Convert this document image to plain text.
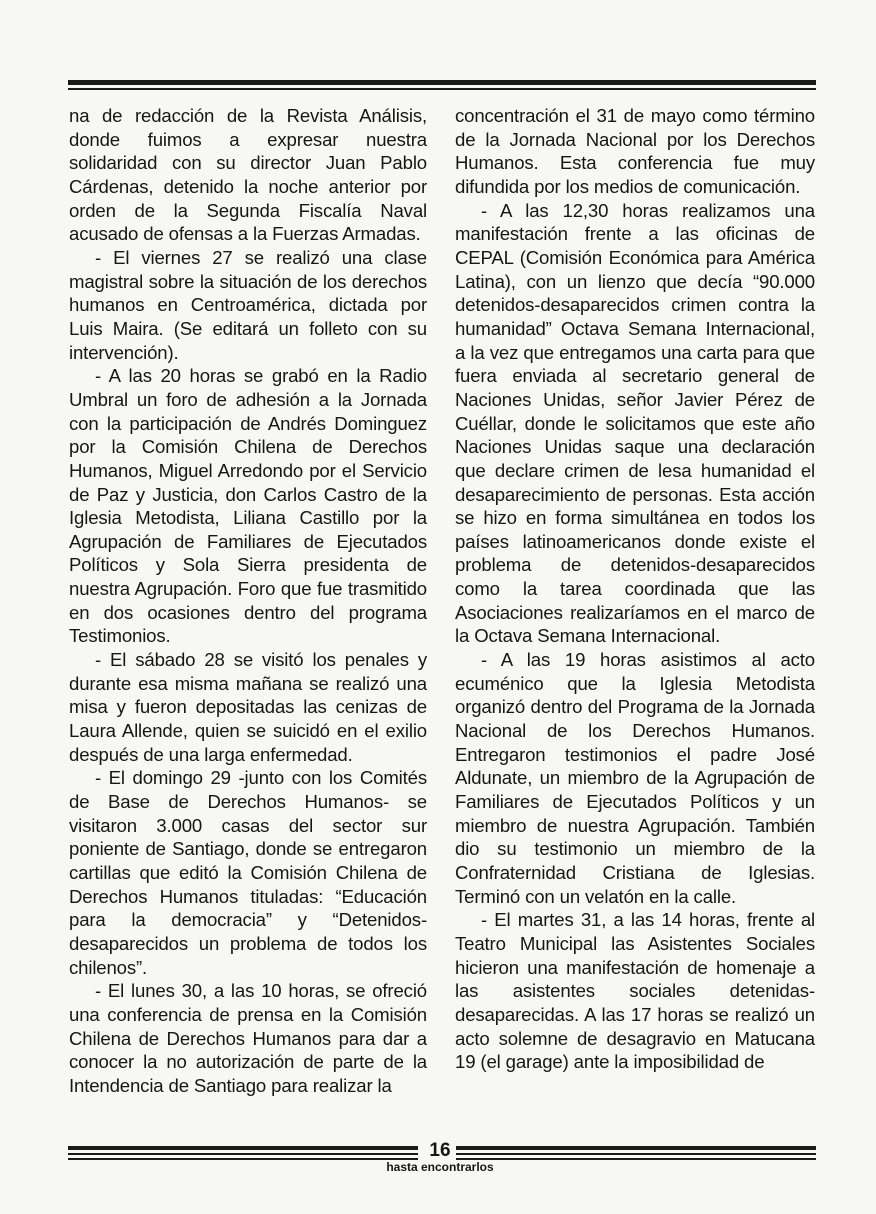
na de redacción de la Revista Análisis, donde fuimos a expresar nuestra solidaridad con su director Juan Pablo Cárdenas, detenido la noche anterior por orden de la Segunda Fiscalía Naval acusado de ofensas a la Fuerzas Armadas.

- El viernes 27 se realizó una clase magistral sobre la situación de los derechos humanos en Centroamérica, dictada por Luis Maira. (Se editará un folleto con su intervención).

- A las 20 horas se grabó en la Radio Umbral un foro de adhesión a la Jornada con la participación de Andrés Dominguez por la Comisión Chilena de Derechos Humanos, Miguel Arredondo por el Servicio de Paz y Justicia, don Carlos Castro de la Iglesia Metodista, Liliana Castillo por la Agrupación de Familiares de Ejecutados Políticos y Sola Sierra presidenta de nuestra Agrupación. Foro que fue trasmitido en dos ocasiones dentro del programa Testimonios.

- El sábado 28 se visitó los penales y durante esa misma mañana se realizó una misa y fueron depositadas las cenizas de Laura Allende, quien se suicidó en el exilio después de una larga enfermedad.

- El domingo 29 -junto con los Comités de Base de Derechos Humanos- se visitaron 3.000 casas del sector sur poniente de Santiago, donde se entregaron cartillas que editó la Comisión Chilena de Derechos Humanos tituladas: “Educación para la democracia” y “Detenidos-desaparecidos un problema de todos los chilenos”.

- El lunes 30, a las 10 horas, se ofreció una conferencia de prensa en la Comisión Chilena de Derechos Humanos para dar a conocer la no autorización de parte de la Intendencia de Santiago para realizar la

concentración el 31 de mayo como término de la Jornada Nacional por los Derechos Humanos. Esta conferencia fue muy difundida por los medios de comunicación.

- A las 12,30 horas realizamos una manifestación frente a las oficinas de CEPAL (Comisión Económica para América Latina), con un lienzo que decía “90.000 detenidos-desaparecidos crimen contra la humanidad” Octava Semana Internacional, a la vez que entregamos una carta para que fuera enviada al secretario general de Naciones Unidas, señor Javier Pérez de Cuéllar, donde le solicitamos que este año Naciones Unidas saque una declaración que declare crimen de lesa humanidad el desaparecimiento de personas. Esta acción se hizo en forma simultánea en todos los países latinoamericanos donde existe el problema de detenidos-desaparecidos como la tarea coordinada que las Asociaciones realizaríamos en el marco de la Octava Semana Internacional.

- A las 19 horas asistimos al acto ecuménico que la Iglesia Metodista organizó dentro del Programa de la Jornada Nacional de los Derechos Humanos. Entregaron testimonios el padre José Aldunate, un miembro de la Agrupación de Familiares de Ejecutados Políticos y un miembro de nuestra Agrupación. También dio su testimonio un miembro de la Confraternidad Cristiana de Iglesias. Terminó con un velatón en la calle.

- El martes 31, a las 14 horas, frente al Teatro Municipal las Asistentes Sociales hicieron una manifestación de homenaje a las asistentes sociales detenidas-desaparecidas. A las 17 horas se realizó un acto solemne de desagravio en Matucana 19 (el garage) ante la imposibilidad de

16
hasta encontrarlos
